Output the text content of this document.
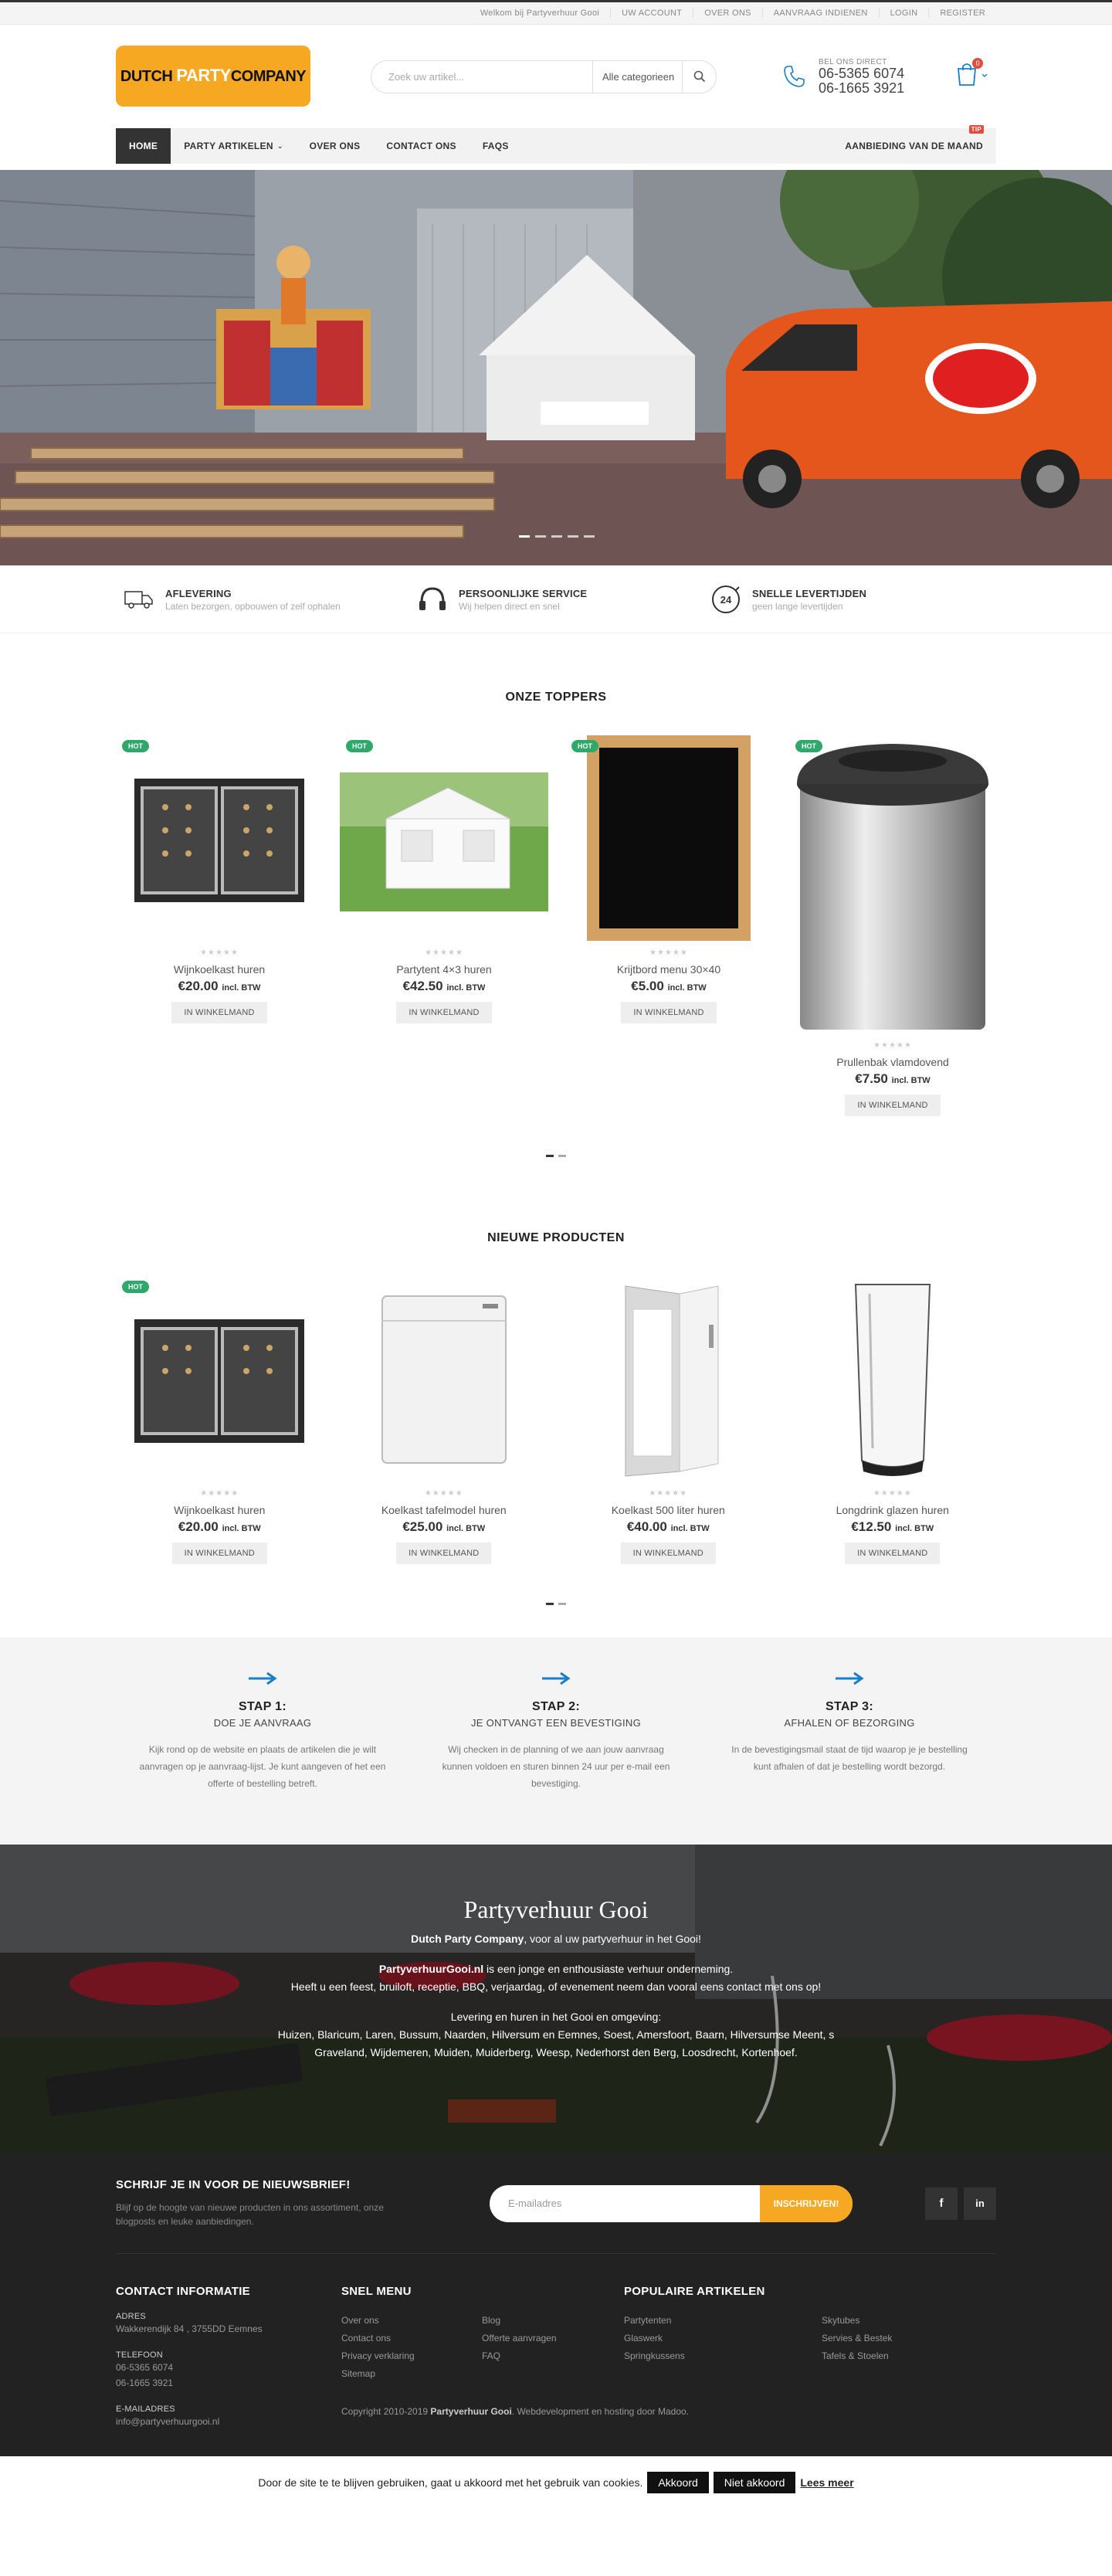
Welkom bij Partyverhuur Gooi	UW ACCOUNT	OVER ONS	AANVRAAG INDIENEN	LOGIN	REGISTER
DUTCH PARTYCOMPANY	Zoek uw artikel...	Alle categorieen
BEL ONS DIRECT
06-5365 6074
06-1665 3921
0
HOME	PARTY ARTIKELEN ⌄	OVER ONS	CONTACT ONS	FAQS	AANBIEDING VAN DE MAAND
TIP
AFLEVERING

Laten bezorgen, opbouwen of zelf ophalen

PERSOONLIJKE SERVICE

Wij helpen direct en snel

24
SNELLE LEVERTIJDEN

geen lange levertijden

ONZE TOPPERS
HOT
★★★★★
Wijnkoelkast huren
€20.00 incl. BTW
IN WINKELMAND
HOT
★★★★★
Partytent 4×3 huren
€42.50 incl. BTW
IN WINKELMAND
HOT
★★★★★
Krijtbord menu 30×40
€5.00 incl. BTW
IN WINKELMAND
HOT
★★★★★
Prullenbak vlamdovend
€7.50 incl. BTW
IN WINKELMAND
NIEUWE PRODUCTEN
HOT
★★★★★
Wijnkoelkast huren
€20.00 incl. BTW
IN WINKELMAND
★★★★★
Koelkast tafelmodel huren
€25.00 incl. BTW
IN WINKELMAND
★★★★★
Koelkast 500 liter huren
€40.00 incl. BTW
IN WINKELMAND
★★★★★
Longdrink glazen huren
€12.50 incl. BTW
IN WINKELMAND
STAP 1:
DOE JE AANVRAAG

Kijk rond op de website en plaats de artikelen die je wilt aanvragen op je aanvraag-lijst. Je kunt aangeven of het een offerte of bestelling betreft.

STAP 2:
JE ONTVANGT EEN BEVESTIGING

Wij checken in de planning of we aan jouw aanvraag kunnen voldoen en sturen binnen 24 uur per e-mail een bevestiging.

STAP 3:
AFHALEN OF BEZORGING

In de bevestigingsmail staat de tijd waarop je je bestelling kunt afhalen of dat je bestelling wordt bezorgd.

Partyverhuur Gooi

Dutch Party Company, voor al uw partyverhuur in het Gooi!

PartyverhuurGooi.nl is een jonge en enthousiaste verhuur onderneming.
Heeft u een feest, bruiloft, receptie, BBQ, verjaardag, of evenement neem dan vooral eens contact met ons op!

Levering en huren in het Gooi en omgeving:
Huizen, Blaricum, Laren, Bussum, Naarden, Hilversum en Eemnes, Soest, Amersfoort, Baarn, Hilversumse Meent, s Graveland, Wijdemeren, Muiden, Muiderberg, Weesp, Nederhorst den Berg, Loosdrecht, Kortenhoef.

SCHRIJF JE IN VOOR DE NIEUWSBRIEF!

Blijf op de hoogte van nieuwe producten in ons assortiment, onze blogposts en leuke aanbiedingen.

E-mailadres	INSCHRIJVEN!	f	in
CONTACT INFORMATIE
ADRES
Wakkerendijk 84 , 3755DD Eemnes
TELEFOON
06-5365 6074
06-1665 3921
E-MAILADRES
info@partyverhuurgooi.nl
SNEL MENU
Over ons
Contact ons
Privacy verklaring
Sitemap
Blog
Offerte aanvragen
FAQ
POPULAIRE ARTIKELEN
Partytenten
Glaswerk
Springkussens
Skytubes
Servies & Bestek
Tafels & Stoelen
Copyright 2010-2019 Partyverhuur Gooi. Webdevelopment en hosting door Madoo.
Door de site te te blijven gebruiken, gaat u akkoord met het gebruik van cookies.	Akkoord	Niet akkoord	Lees meer
